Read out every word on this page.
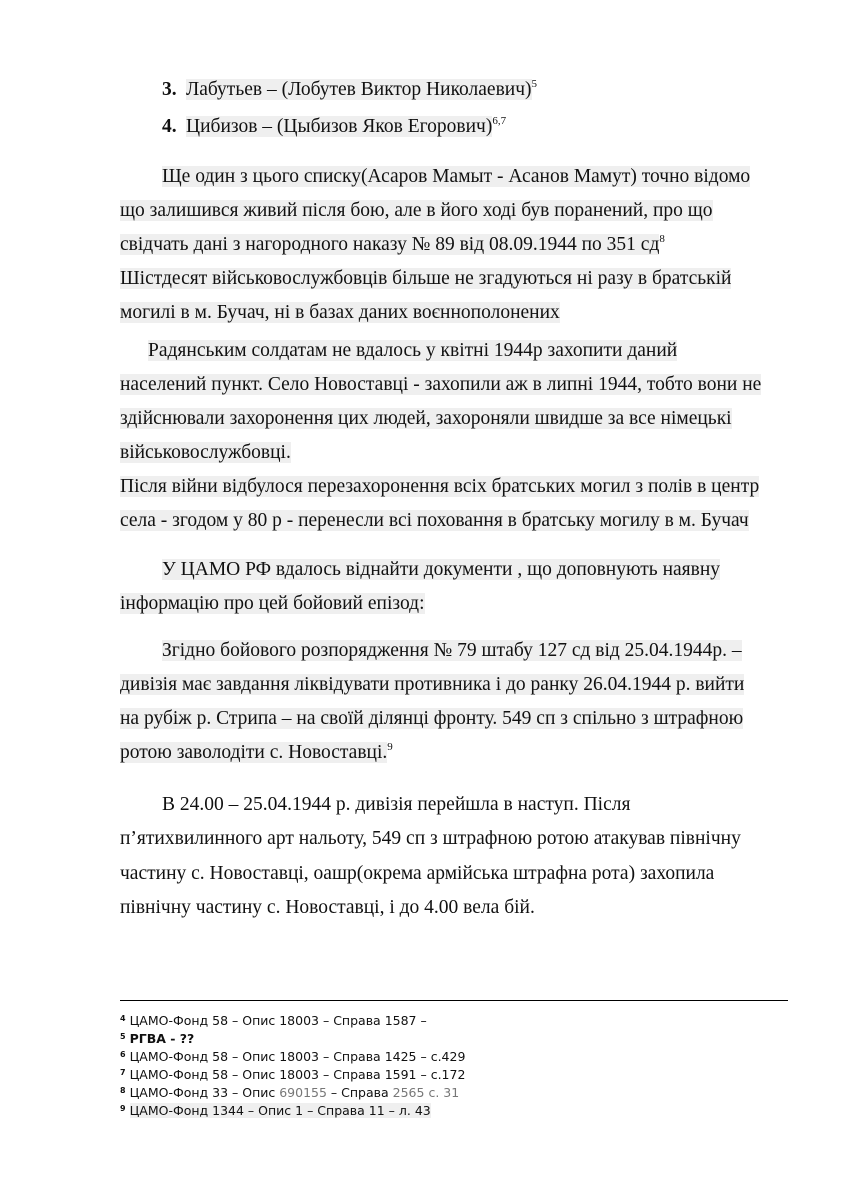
3. Лабутьев – (Лобутев Виктор Николаевич)$^5$
4. Цибизов – (Цыбизов Яков Егорович)$^{6,7}$
Ще один з цього списку(Асаров Мамыт - Асанов Мамут) точно відомо
що залишився живий після бою, але в його ході був поранений, про що
свідчать дані з нагородного наказу № 89 від 08.09.1944 по 351 $сд^8$
Шістдесят військовослужбовців більше не згадуються ні разу в братській
могилі в м. Бучач, ні в базах даних воєннополонених
Радянським солдатам не вдалось у квітні 1944р захопити даний
населений пункт. Село Новоставці - захопили аж в липні 1944, тобто вони не
здійснювали захоронення цих людей, захороняли швидше за все німецькі
військовослужбовці.
Після війни відбулося перезахоронення всіх братських могил з полів в центр
села - згодом у 80 р - перенесли всі поховання в братську могилу в м. Бучач
У ЦАМО РФ вдалось віднайти документи , що доповнують наявну
інформацію про цей бойовий епізод:
Згідно бойового розпорядження № 79 штабу 127 сд від 25.04.1944р. –
дивізія має завдання ліквідувати противника і до ранку 26.04.1944 р. вийти
на рубіж р. Стрипа – на своїй ділянці фронту. 549 сп з спільно з штрафною
ротою заволодіти с. Новоставці.$^9$
В 24.00 – 25.04.1944 р. дивізія перейшла в наступ. Після
п’ятихвилинного арт нальоту, 549 сп з штрафною ротою атакував північну
частину с. Новоставці, оашр(окрема армійська штрафна рота) захопила
північну частину с. Новоставці, і до 4.00 вела бій.
$^4$ ЦАМО-Фонд 58 – Опис 18003 – Справа 1587 –
$^5$ РГВА - ??
$^6$ ЦАМО-Фонд 58 – Опис 18003 – Справа 1425 – с.429
$^7$ ЦАМО-Фонд 58 – Опис 18003 – Справа 1591 – с.172
$^8$ ЦАМО-Фонд 33 – Опис 690155 – Справа 2565 с. 31
$^9$ ЦАМО-Фонд 1344 – Опис 1 – Справа 11 – л. 43
